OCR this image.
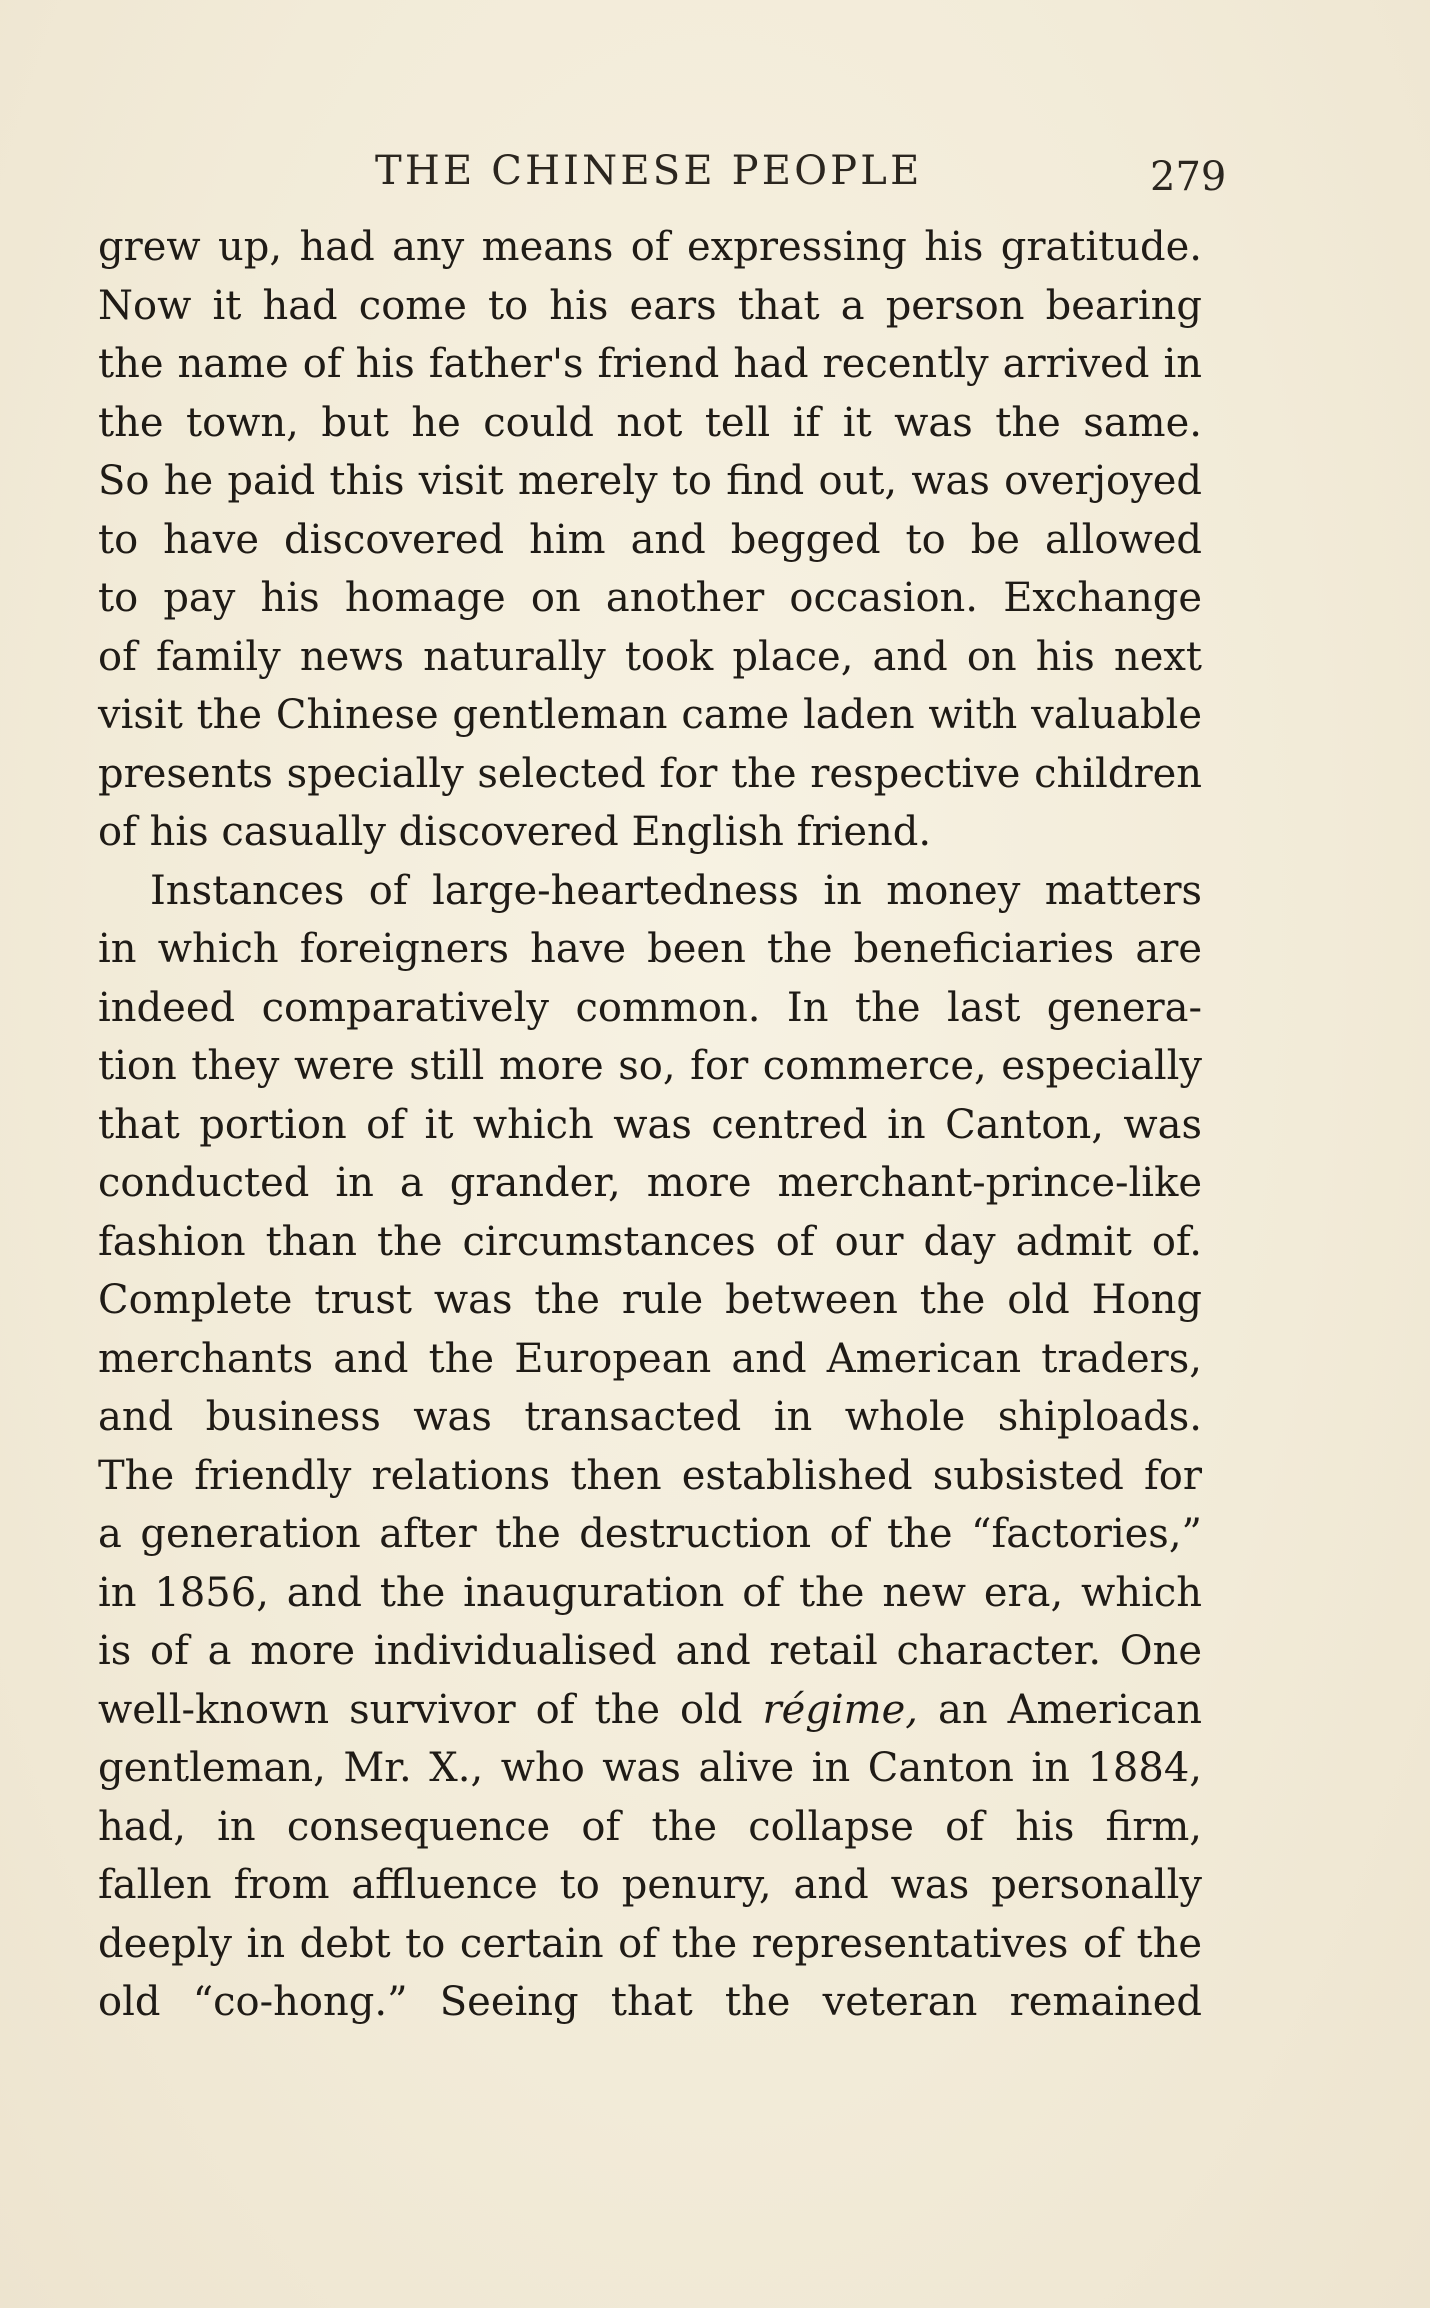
THE CHINESE PEOPLE	279
grew up, had any means of expressing his gratitude.
Now it had come to his ears that a person bearing
the name of his father's friend had recently arrived in
the town, but he could not tell if it was the same.
So he paid this visit merely to find out, was overjoyed
to have discovered him and begged to be allowed
to pay his homage on another occasion. Exchange
of family news naturally took place, and on his next
visit the Chinese gentleman came laden with valuable
presents specially selected for the respective children
of his casually discovered English friend.
Instances of large-heartedness in money matters
in which foreigners have been the beneficiaries are
indeed comparatively common. In the last genera-
tion they were still more so, for commerce, especially
that portion of it which was centred in Canton, was
conducted in a grander, more merchant-prince-like
fashion than the circumstances of our day admit of.
Complete trust was the rule between the old Hong
merchants and the European and American traders,
and business was transacted in whole shiploads.
The friendly relations then established subsisted for
a generation after the destruction of the “factories,”
in 1856, and the inauguration of the new era, which
is of a more individualised and retail character. One
well-known survivor of the old régime, an American
gentleman, Mr. X., who was alive in Canton in 1884,
had, in consequence of the collapse of his firm,
fallen from affluence to penury, and was personally
deeply in debt to certain of the representatives of the
old “co-hong.” Seeing that the veteran remained
